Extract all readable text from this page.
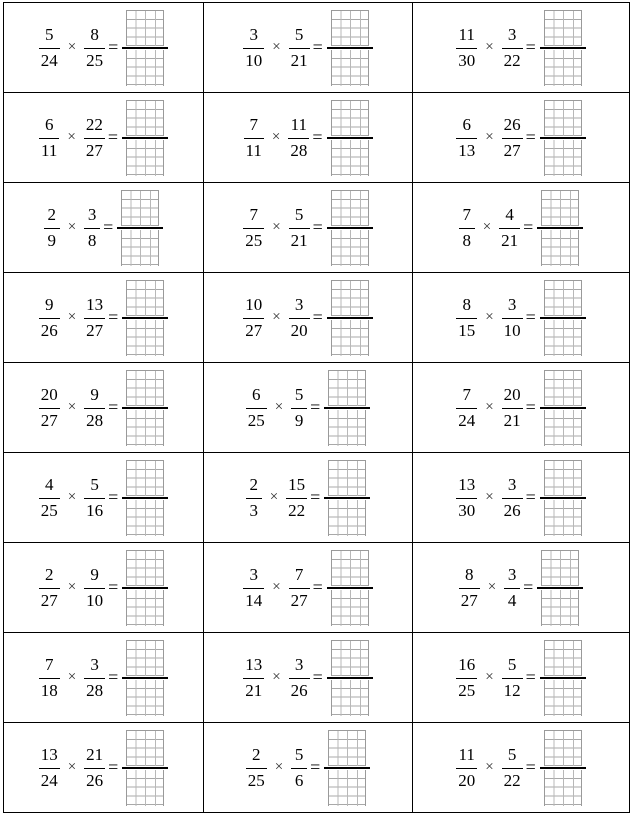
$\frac{5}{24} \times \frac{8}{25}$ =	$\frac{3}{10} \times \frac{5}{21}$ =	$\frac{11}{30} \times \frac{3}{22}$ =

$\frac{6}{11} \times \frac{22}{27}$ =	$\frac{7}{11} \times \frac{11}{28}$ =	$\frac{6}{13} \times \frac{26}{27}$ =

$\frac{2}{9} \times \frac{3}{8}$ =	$\frac{7}{25} \times \frac{5}{21}$ =	$\frac{7}{8} \times \frac{4}{21}$ =

$\frac{9}{26} \times \frac{13}{27}$ =	$\frac{10}{27} \times \frac{3}{20}$ =	$\frac{8}{15} \times \frac{3}{10}$ =

$\frac{20}{27} \times \frac{9}{28}$ =	$\frac{6}{25} \times \frac{5}{9}$ =	$\frac{7}{24} \times \frac{20}{21}$ =

$\frac{4}{25} \times \frac{5}{16}$ =	$\frac{2}{3} \times \frac{15}{22}$ =	$\frac{13}{30} \times \frac{3}{26}$ =

$\frac{2}{27} \times \frac{9}{10}$ =	$\frac{3}{14} \times \frac{7}{27}$ =	$\frac{8}{27} \times \frac{3}{4}$ =

$\frac{7}{18} \times \frac{3}{28}$ =	$\frac{13}{21} \times \frac{3}{26}$ =	$\frac{16}{25} \times \frac{5}{12}$ =

$\frac{13}{24} \times \frac{21}{26}$ =	$\frac{2}{25} \times \frac{5}{6}$ =	$\frac{11}{20} \times \frac{5}{22}$ =
